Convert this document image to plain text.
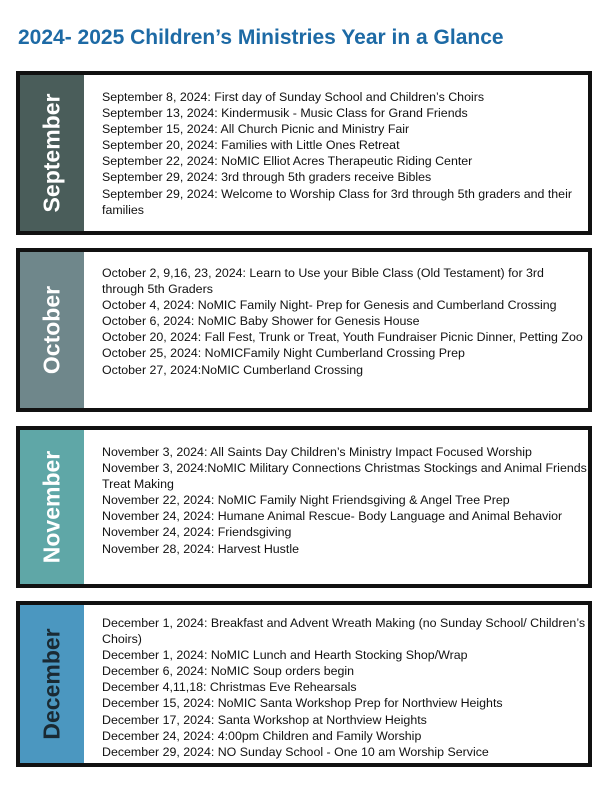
2024- 2025 Children’s Ministries Year in a Glance
September	September 8, 2024: First day of Sunday School and Children’s Choirs
September 13, 2024: Kindermusik - Music Class for Grand Friends
September 15, 2024: All Church Picnic and Ministry Fair
September 20, 2024: Families with Little Ones Retreat
September 22, 2024: NoMIC Elliot Acres Therapeutic Riding Center
September 29, 2024: 3rd through 5th graders receive Bibles
September 29, 2024: Welcome to Worship Class for 3rd through 5th graders and their families
October
October 2, 9,16, 23, 2024: Learn to Use your Bible Class (Old Testament) for 3rd through 5th Graders
October 4, 2024: NoMIC Family Night- Prep for Genesis and Cumberland Crossing
October 6, 2024: NoMIC Baby Shower for Genesis House
October 20, 2024: Fall Fest, Trunk or Treat, Youth Fundraiser Picnic Dinner, Petting Zoo
October 25, 2024: NoMICFamily Night Cumberland Crossing Prep
October 27, 2024:NoMIC Cumberland Crossing
November	November 3, 2024: All Saints Day Children’s Ministry Impact Focused Worship
November 3, 2024:NoMIC Military Connections Christmas Stockings and Animal Friends Treat Making
November 22, 2024: NoMIC Family Night Friendsgiving & Angel Tree Prep
November 24, 2024: Humane Animal Rescue- Body Language and Animal Behavior
November 24, 2024: Friendsgiving
November 28, 2024: Harvest Hustle
December
December 1, 2024: Breakfast and Advent Wreath Making (no Sunday School/ Children’s Choirs)
December 1, 2024: NoMIC Lunch and Hearth Stocking Shop/Wrap
December 6, 2024: NoMIC Soup orders begin
December 4,11,18: Christmas Eve Rehearsals
December 15, 2024: NoMIC Santa Workshop Prep for Northview Heights
December 17, 2024: Santa Workshop at Northview Heights
December 24, 2024: 4:00pm Children and Family Worship
December 29, 2024: NO Sunday School - One 10 am Worship Service
